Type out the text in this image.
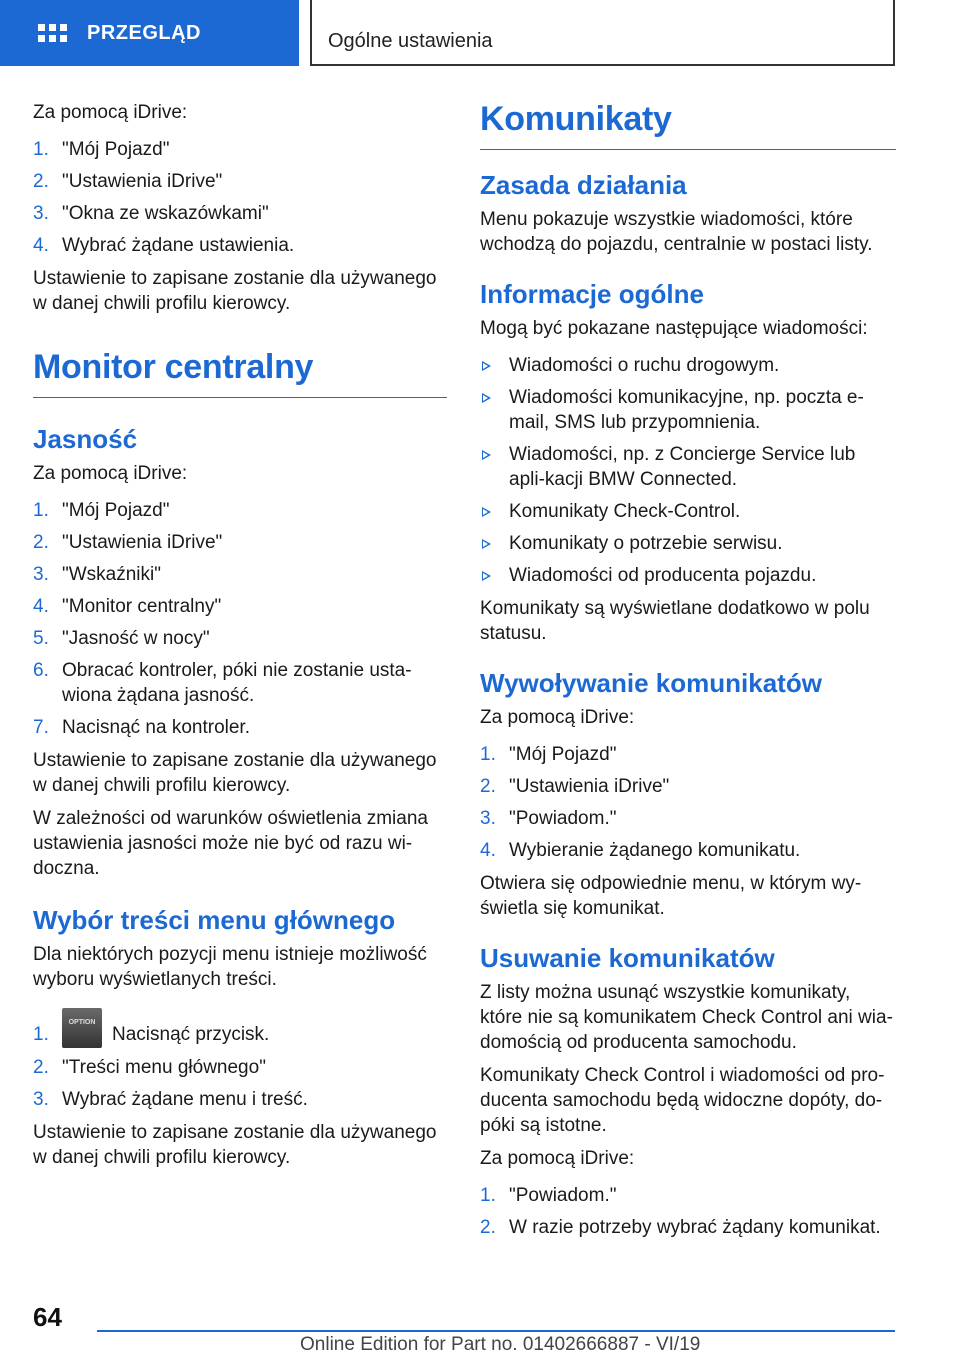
PRZEGLĄD	Ogólne ustawienia

Za pomocą iDrive:

1. "Mój Pojazd"
2. "Ustawienia iDrive"
3. "Okna ze wskazówkami"
4. Wybrać żądane ustawienia.

Ustawienie to zapisane zostanie dla używanego w danej chwili profilu kierowcy.

Monitor centralny
Jasność

Za pomocą iDrive:

1. "Mój Pojazd"
2. "Ustawienia iDrive"
3. "Wskaźniki"
4. "Monitor centralny"
5. "Jasność w nocy"
6. Obracać kontroler, póki nie zostanie usta-wiona żądana jasność.
7. Nacisnąć na kontroler.

Ustawienie to zapisane zostanie dla używanego w danej chwili profilu kierowcy.

W zależności od warunków oświetlenia zmiana ustawienia jasności może nie być od razu wi-doczna.

Wybór treści menu głównego

Dla niektórych pozycji menu istnieje możliwość wyboru wyświetlanych treści.

1.
OPTIONNacisnąć przycisk.
2. "Treści menu głównego"
3. Wybrać żądane menu i treść.

Ustawienie to zapisane zostanie dla używanego w danej chwili profilu kierowcy.

Komunikaty
Zasada działania

Menu pokazuje wszystkie wiadomości, które wchodzą do pojazdu, centralnie w postaci listy.

Informacje ogólne

Mogą być pokazane następujące wiadomości:

Wiadomości o ruchu drogowym.
Wiadomości komunikacyjne, np. poczta e-mail, SMS lub przypomnienia.
Wiadomości, np. z Concierge Service lub apli-kacji BMW Connected.
Komunikaty Check-Control.
Komunikaty o potrzebie serwisu.
Wiadomości od producenta pojazdu.

Komunikaty są wyświetlane dodatkowo w polu statusu.

Wywoływanie komunikatów

Za pomocą iDrive:

1. "Mój Pojazd"
2. "Ustawienia iDrive"
3. "Powiadom."
4. Wybieranie żądanego komunikatu.

Otwiera się odpowiednie menu, w którym wy-świetla się komunikat.

Usuwanie komunikatów

Z listy można usunąć wszystkie komunikaty, które nie są komunikatem Check Control ani wia-domością od producenta samochodu.

Komunikaty Check Control i wiadomości od pro-ducenta samochodu będą widoczne dopóty, do-póki są istotne.

Za pomocą iDrive:

1. "Powiadom."
2. W razie potrzeby wybrać żądany komunikat.
64
Online Edition for Part no. 01402666887 - VI/19
